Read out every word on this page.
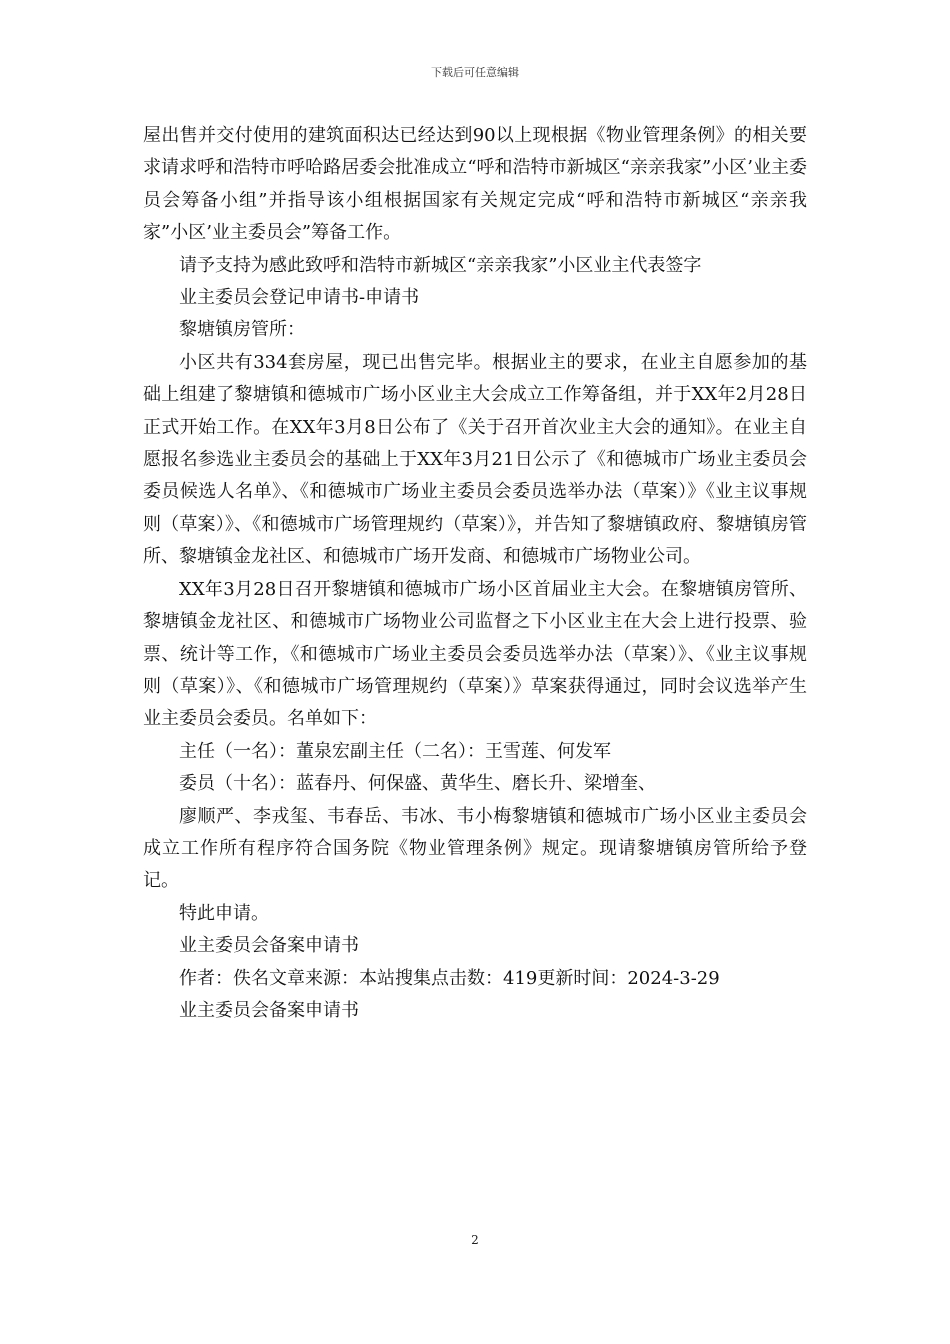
下载后可任意编辑

屋出售并交付使用的建筑面积达已经达到90以上现根据《物业管理条例》的相关要求请求呼和浩特市呼哈路居委会批准成立“呼和浩特市新城区“亲亲我家”小区’业主委员会筹备小组”并指导该小组根据国家有关规定完成“呼和浩特市新城区“亲亲我家”小区’业主委员会”筹备工作。

请予支持为感此致呼和浩特市新城区“亲亲我家”小区业主代表签字

业主委员会登记申请书-申请书

黎塘镇房管所：

小区共有334套房屋，现已出售完毕。根据业主的要求，在业主自愿参加的基础上组建了黎塘镇和德城市广场小区业主大会成立工作筹备组，并于XX年2月28日正式开始工作。在XX年3月8日公布了《关于召开首次业主大会的通知》。在业主自愿报名参选业主委员会的基础上于XX年3月21日公示了《和德城市广场业主委员会委员候选人名单》、《和德城市广场业主委员会委员选举办法（草案）》《业主议事规则（草案）》、《和德城市广场管理规约（草案）》，并告知了黎塘镇政府、黎塘镇房管所、黎塘镇金龙社区、和德城市广场开发商、和德城市广场物业公司。

XX年3月28日召开黎塘镇和德城市广场小区首届业主大会。在黎塘镇房管所、黎塘镇金龙社区、和德城市广场物业公司监督之下小区业主在大会上进行投票、验票、统计等工作，《和德城市广场业主委员会委员选举办法（草案）》、《业主议事规则（草案）》、《和德城市广场管理规约（草案）》草案获得通过，同时会议选举产生业主委员会委员。名单如下：

主任（一名）：董泉宏副主任（二名）：王雪莲、何发军

委员（十名）：蓝春丹、何保盛、黄华生、磨长升、梁增奎、

廖顺严、李戎玺、韦春岳、韦冰、韦小梅黎塘镇和德城市广场小区业主委员会成立工作所有程序符合国务院《物业管理条例》规定。现请黎塘镇房管所给予登记。

特此申请。

业主委员会备案申请书

作者：佚名文章来源：本站搜集点击数：419更新时间：2024-3-29

业主委员会备案申请书

2
